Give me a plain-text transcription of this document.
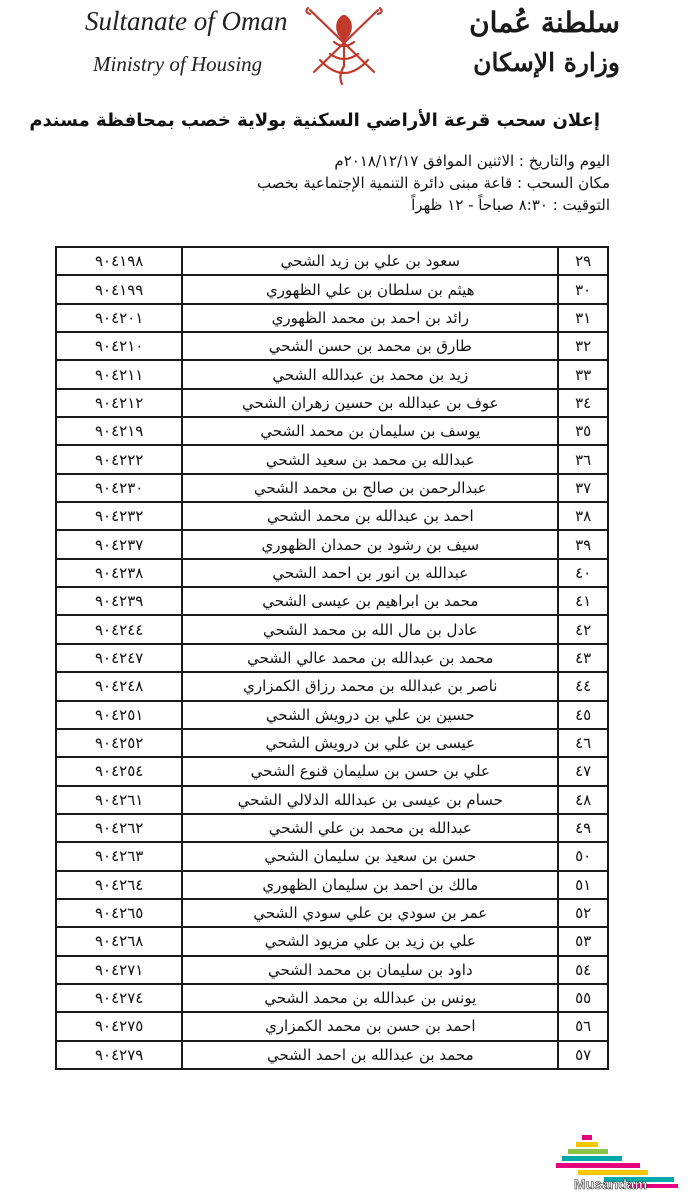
Sultanate of Oman
Ministry of Housing
سلطنة عُمان
وزارة الإسكان
إعلان سحب قرعة الأراضي السكنية بولاية خصب بمحافظة مسندم
اليوم والتاريخ : الاثنين الموافق ٢٠١٨/١٢/١٧م
مكان السحب : قاعة مبنى دائرة التنمية الإجتماعية بخصب
التوقيت : ٨:٣٠ صباحاً - ١٢ ظهراً
٢٩	سعود بن علي بن زيد الشحي	٩٠٤١٩٨
٣٠	هيثم بن سلطان بن علي الظهوري	٩٠٤١٩٩
٣١	رائد بن احمد بن محمد الظهوري	٩٠٤٢٠١
٣٢	طارق بن محمد بن حسن الشحي	٩٠٤٢١٠
٣٣	زيد بن محمد بن عبدالله الشحي	٩٠٤٢١١
٣٤	عوف بن عبدالله بن حسين زهران الشحي	٩٠٤٢١٢
٣٥	يوسف بن سليمان بن محمد الشحي	٩٠٤٢١٩
٣٦	عبدالله بن محمد بن سعيد الشحي	٩٠٤٢٢٢
٣٧	عبدالرحمن بن صالح بن محمد الشحي	٩٠٤٢٣٠
٣٨	احمد بن عبدالله بن محمد الشحي	٩٠٤٢٣٢
٣٩	سيف بن رشود بن حمدان الظهوري	٩٠٤٢٣٧
٤٠	عبدالله بن انور بن احمد الشحي	٩٠٤٢٣٨
٤١	محمد بن ابراهيم بن عيسى الشحي	٩٠٤٢٣٩
٤٢	عادل بن مال الله بن محمد الشحي	٩٠٤٢٤٤
٤٣	محمد بن عبدالله بن محمد عالي الشحي	٩٠٤٢٤٧
٤٤	ناصر بن عبدالله بن محمد رزاق الكمزاري	٩٠٤٢٤٨
٤٥	حسين بن علي بن درويش الشحي	٩٠٤٢٥١
٤٦	عيسى بن علي بن درويش الشحي	٩٠٤٢٥٢
٤٧	علي بن حسن بن سليمان قنوع الشحي	٩٠٤٢٥٤
٤٨	حسام بن عيسى بن عبدالله الدلالي الشحي	٩٠٤٢٦١
٤٩	عبدالله بن محمد بن علي الشحي	٩٠٤٢٦٢
٥٠	حسن بن سعيد بن سليمان الشحي	٩٠٤٢٦٣
٥١	مالك بن احمد بن سليمان الظهوري	٩٠٤٢٦٤
٥٢	عمر بن سودي بن علي سودي الشحي	٩٠٤٢٦٥
٥٣	علي بن زيد بن علي مزيود الشحي	٩٠٤٢٦٨
٥٤	داود بن سليمان بن محمد الشحي	٩٠٤٢٧١
٥٥	يونس بن عبدالله بن محمد الشحي	٩٠٤٢٧٤
٥٦	احمد بن حسن بن محمد الكمزاري	٩٠٤٢٧٥
٥٧	محمد بن عبدالله بن احمد الشحي	٩٠٤٢٧٩
Musandam
